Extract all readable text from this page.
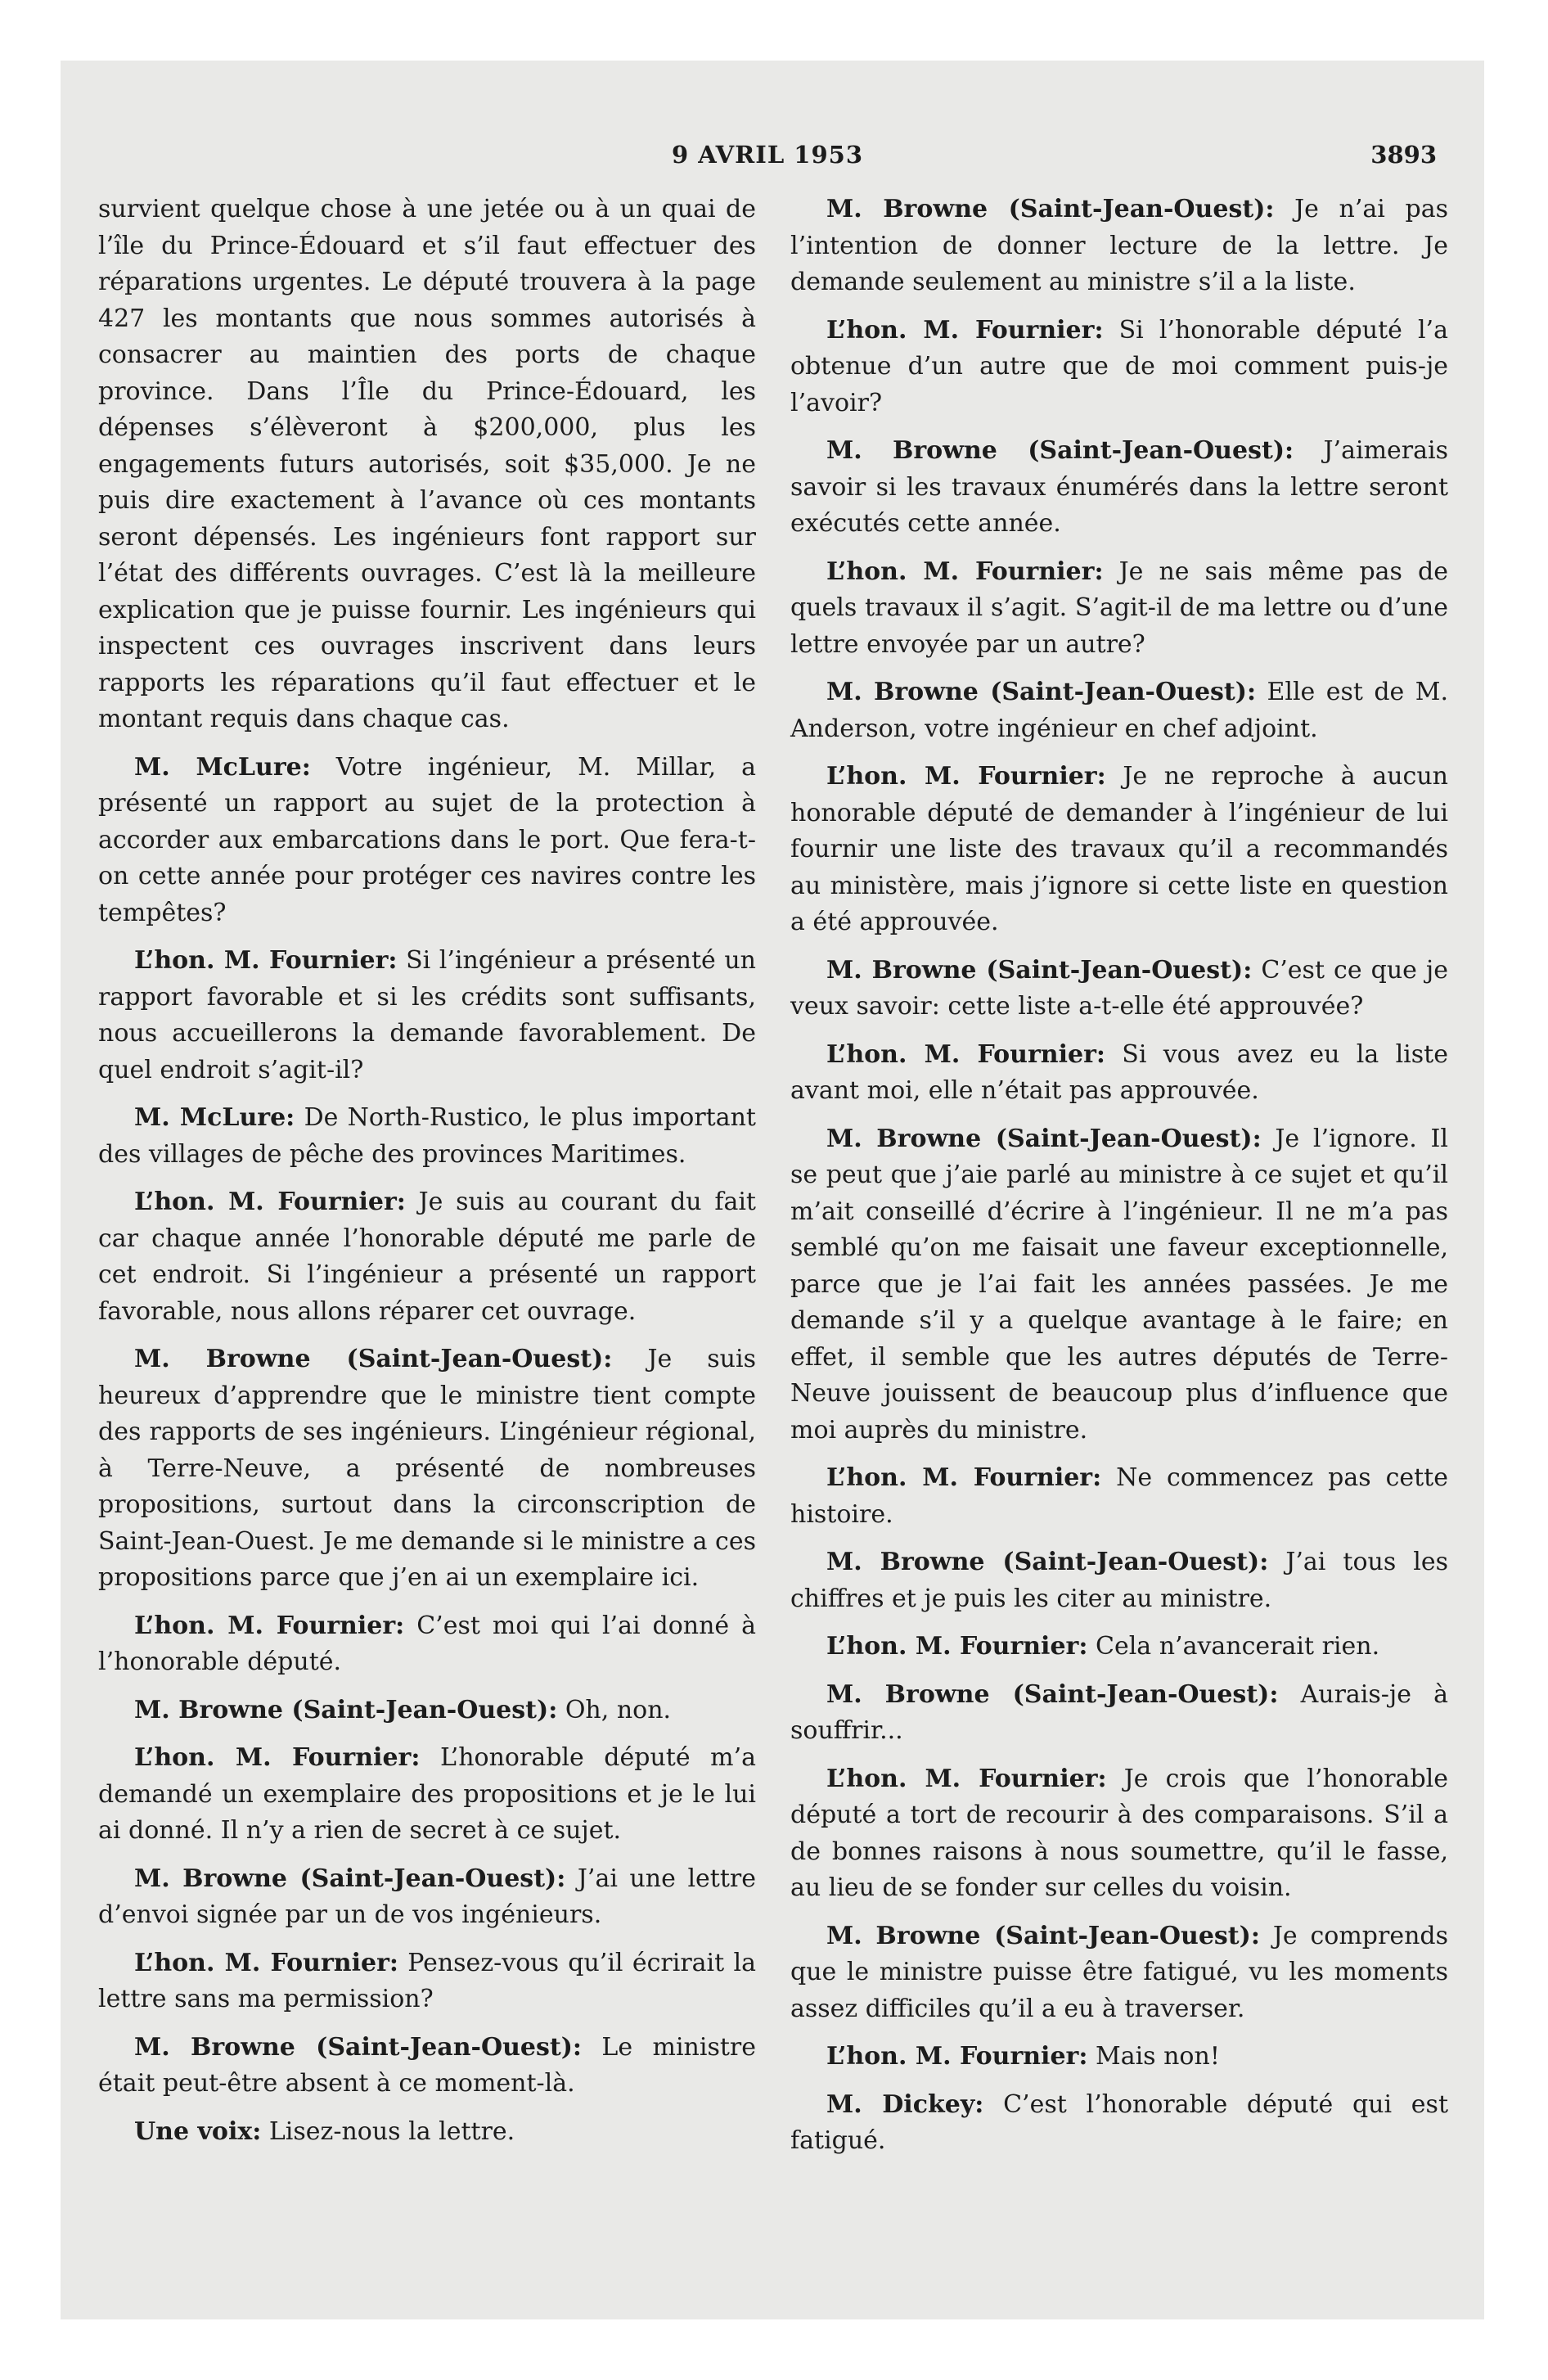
9 AVRIL 1953	3893

survient quelque chose à une jetée ou à un quai de l’île du Prince-Édouard et s’il faut effectuer des réparations urgentes. Le député trouvera à la page 427 les montants que nous sommes autorisés à consacrer au maintien des ports de chaque province. Dans l’Île du Prince-Édouard, les dépenses s’élèveront à $200,000, plus les engagements futurs autorisés, soit $35,000. Je ne puis dire exactement à l’avance où ces montants seront dépensés. Les ingénieurs font rapport sur l’état des différents ouvrages. C’est là la meilleure explication que je puisse fournir. Les ingénieurs qui inspectent ces ouvrages inscrivent dans leurs rapports les réparations qu’il faut effectuer et le montant requis dans chaque cas.

M. McLure: Votre ingénieur, M. Millar, a présenté un rapport au sujet de la protection à accorder aux embarcations dans le port. Que fera-t-on cette année pour protéger ces navires contre les tempêtes?

L’hon. M. Fournier: Si l’ingénieur a présenté un rapport favorable et si les crédits sont suffisants, nous accueillerons la demande favorablement. De quel endroit s’agit-il?

M. McLure: De North-Rustico, le plus important des villages de pêche des provinces Maritimes.

L’hon. M. Fournier: Je suis au courant du fait car chaque année l’honorable député me parle de cet endroit. Si l’ingénieur a présenté un rapport favorable, nous allons réparer cet ouvrage.

M. Browne (Saint-Jean-Ouest): Je suis heureux d’apprendre que le ministre tient compte des rapports de ses ingénieurs. L’ingénieur régional, à Terre-Neuve, a présenté de nombreuses propositions, surtout dans la circonscription de Saint-Jean-Ouest. Je me demande si le ministre a ces propositions parce que j’en ai un exemplaire ici.

L’hon. M. Fournier: C’est moi qui l’ai donné à l’honorable député.

M. Browne (Saint-Jean-Ouest): Oh, non.

L’hon. M. Fournier: L’honorable député m’a demandé un exemplaire des propositions et je le lui ai donné. Il n’y a rien de secret à ce sujet.

M. Browne (Saint-Jean-Ouest): J’ai une lettre d’envoi signée par un de vos ingénieurs.

L’hon. M. Fournier: Pensez-vous qu’il écrirait la lettre sans ma permission?

M. Browne (Saint-Jean-Ouest): Le ministre était peut-être absent à ce moment-là.

Une voix: Lisez-nous la lettre.

M. Browne (Saint-Jean-Ouest): Je n’ai pas l’intention de donner lecture de la lettre. Je demande seulement au ministre s’il a la liste.

L’hon. M. Fournier: Si l’honorable député l’a obtenue d’un autre que de moi comment puis-je l’avoir?

M. Browne (Saint-Jean-Ouest): J’aimerais savoir si les travaux énumérés dans la lettre seront exécutés cette année.

L’hon. M. Fournier: Je ne sais même pas de quels travaux il s’agit. S’agit-il de ma lettre ou d’une lettre envoyée par un autre?

M. Browne (Saint-Jean-Ouest): Elle est de M. Anderson, votre ingénieur en chef adjoint.

L’hon. M. Fournier: Je ne reproche à aucun honorable député de demander à l’ingénieur de lui fournir une liste des travaux qu’il a recommandés au ministère, mais j’ignore si cette liste en question a été approuvée.

M. Browne (Saint-Jean-Ouest): C’est ce que je veux savoir: cette liste a-t-elle été approuvée?

L’hon. M. Fournier: Si vous avez eu la liste avant moi, elle n’était pas approuvée.

M. Browne (Saint-Jean-Ouest): Je l’ignore. Il se peut que j’aie parlé au ministre à ce sujet et qu’il m’ait conseillé d’écrire à l’ingénieur. Il ne m’a pas semblé qu’on me faisait une faveur exceptionnelle, parce que je l’ai fait les années passées. Je me demande s’il y a quelque avantage à le faire; en effet, il semble que les autres députés de Terre-Neuve jouissent de beaucoup plus d’influence que moi auprès du ministre.

L’hon. M. Fournier: Ne commencez pas cette histoire.

M. Browne (Saint-Jean-Ouest): J’ai tous les chiffres et je puis les citer au ministre.

L’hon. M. Fournier: Cela n’avancerait rien.

M. Browne (Saint-Jean-Ouest): Aurais-je à souffrir...

L’hon. M. Fournier: Je crois que l’honorable député a tort de recourir à des comparaisons. S’il a de bonnes raisons à nous soumettre, qu’il le fasse, au lieu de se fonder sur celles du voisin.

M. Browne (Saint-Jean-Ouest): Je comprends que le ministre puisse être fatigué, vu les moments assez difficiles qu’il a eu à traverser.

L’hon. M. Fournier: Mais non!

M. Dickey: C’est l’honorable député qui est fatigué.
